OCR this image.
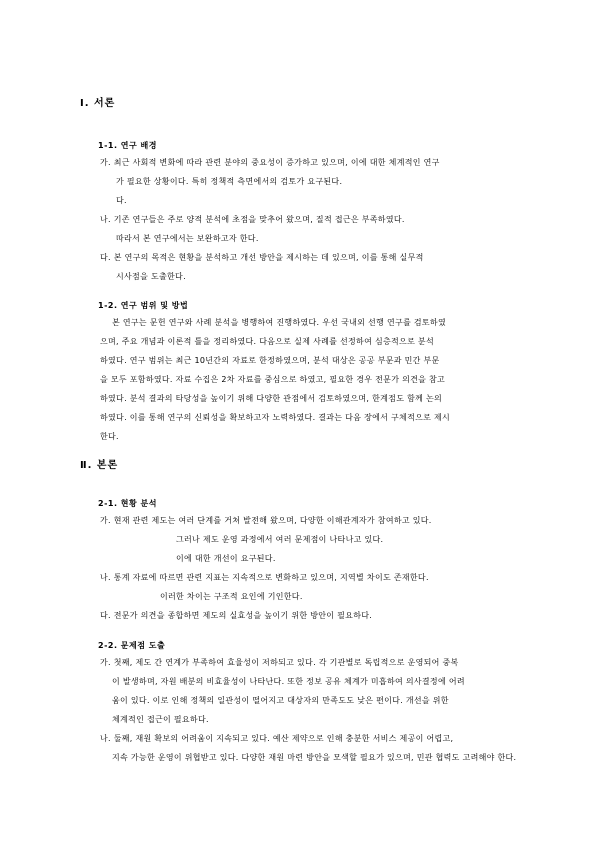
Ⅰ. 서론
1-1. 연구 배경
가. 최근 사회적 변화에 따라 관련 분야의 중요성이 증가하고 있으며, 이에 대한 체계적인 연구
가 필요한 상황이다. 특히 정책적 측면에서의 검토가 요구된다.
다.
나. 기존 연구들은 주로 양적 분석에 초점을 맞추어 왔으며, 질적 접근은 부족하였다.
따라서 본 연구에서는 보완하고자 한다.
다. 본 연구의 목적은 현황을 분석하고 개선 방안을 제시하는 데 있으며, 이를 통해 실무적
시사점을 도출한다.
1-2. 연구 범위 및 방법
본 연구는 문헌 연구와 사례 분석을 병행하여 진행하였다. 우선 국내외 선행 연구를 검토하였
으며, 주요 개념과 이론적 틀을 정리하였다. 다음으로 실제 사례를 선정하여 심층적으로 분석
하였다. 연구 범위는 최근 10년간의 자료로 한정하였으며, 분석 대상은 공공 부문과 민간 부문
을 모두 포함하였다. 자료 수집은 2차 자료를 중심으로 하였고, 필요한 경우 전문가 의견을 참고
하였다. 분석 결과의 타당성을 높이기 위해 다양한 관점에서 검토하였으며, 한계점도 함께 논의
하였다. 이를 통해 연구의 신뢰성을 확보하고자 노력하였다. 결과는 다음 장에서 구체적으로 제시
한다.
Ⅱ. 본론
2-1. 현황 분석
가. 현재 관련 제도는 여러 단계를 거쳐 발전해 왔으며, 다양한 이해관계자가 참여하고 있다.
그러나 제도 운영 과정에서 여러 문제점이 나타나고 있다.
이에 대한 개선이 요구된다.
나. 통계 자료에 따르면 관련 지표는 지속적으로 변화하고 있으며, 지역별 차이도 존재한다.
이러한 차이는 구조적 요인에 기인한다.
다. 전문가 의견을 종합하면 제도의 실효성을 높이기 위한 방안이 필요하다.
2-2. 문제점 도출
가. 첫째, 제도 간 연계가 부족하여 효율성이 저하되고 있다. 각 기관별로 독립적으로 운영되어 중복
이 발생하며, 자원 배분의 비효율성이 나타난다. 또한 정보 공유 체계가 미흡하여 의사결정에 어려
움이 있다. 이로 인해 정책의 일관성이 떨어지고 대상자의 만족도도 낮은 편이다. 개선을 위한
체계적인 접근이 필요하다.
나. 둘째, 재원 확보의 어려움이 지속되고 있다. 예산 제약으로 인해 충분한 서비스 제공이 어렵고,
지속 가능한 운영이 위협받고 있다. 다양한 재원 마련 방안을 모색할 필요가 있으며, 민관 협력도 고려해야 한다.
